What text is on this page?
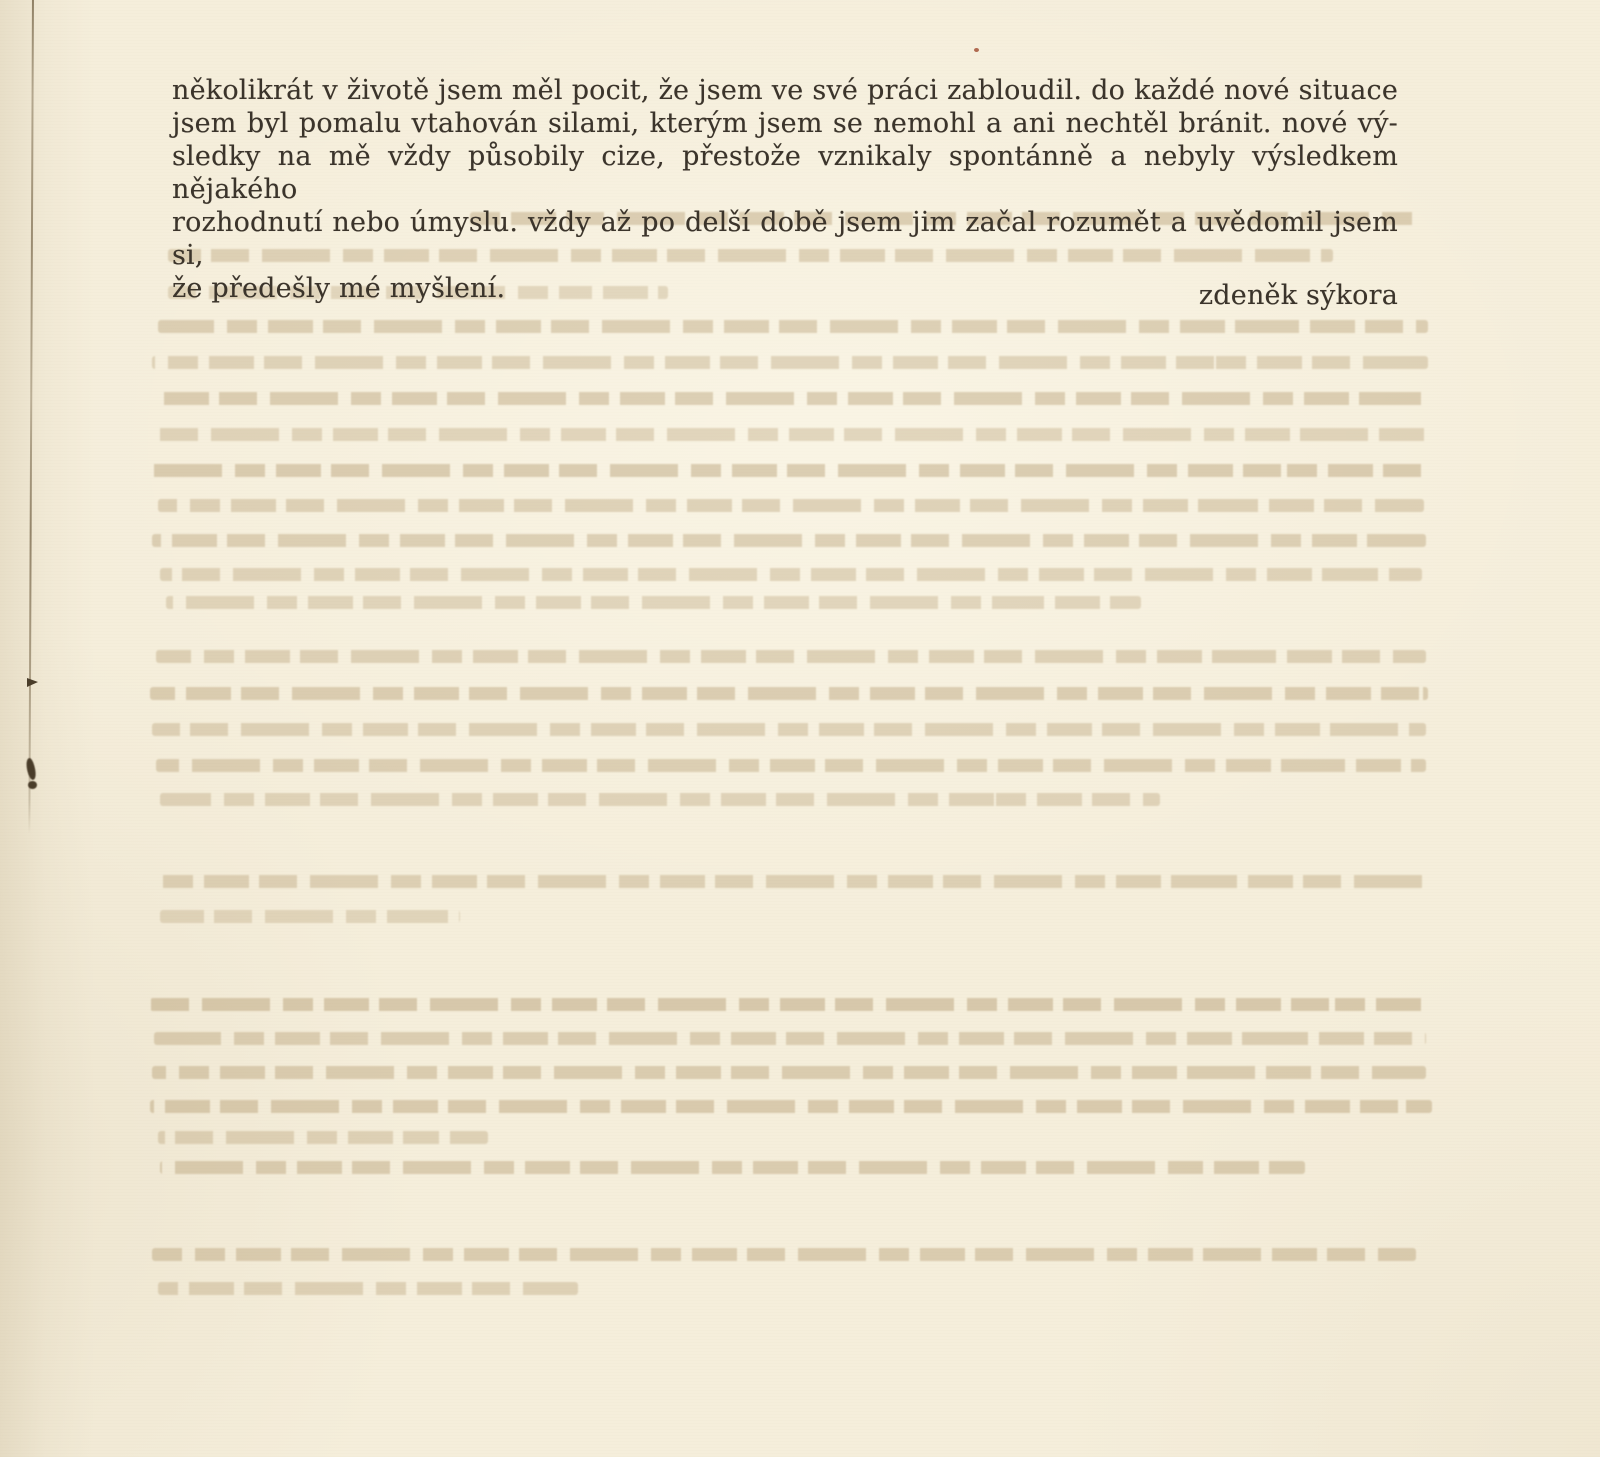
několikrát v životě jsem měl pocit, že jsem ve své práci zabloudil. do každé nové situace
jsem byl pomalu vtahován silami, kterým jsem se nemohl a ani nechtěl bránit. nové vý-
sledky na mě vždy působily cize, přestože vznikaly spontánně a nebyly výsledkem nějakého
rozhodnutí nebo úmyslu. vždy až po delší době jsem jim začal rozumět a uvědomil jsem si,
že předešly mé myšlení.	zdeněk sýkora
